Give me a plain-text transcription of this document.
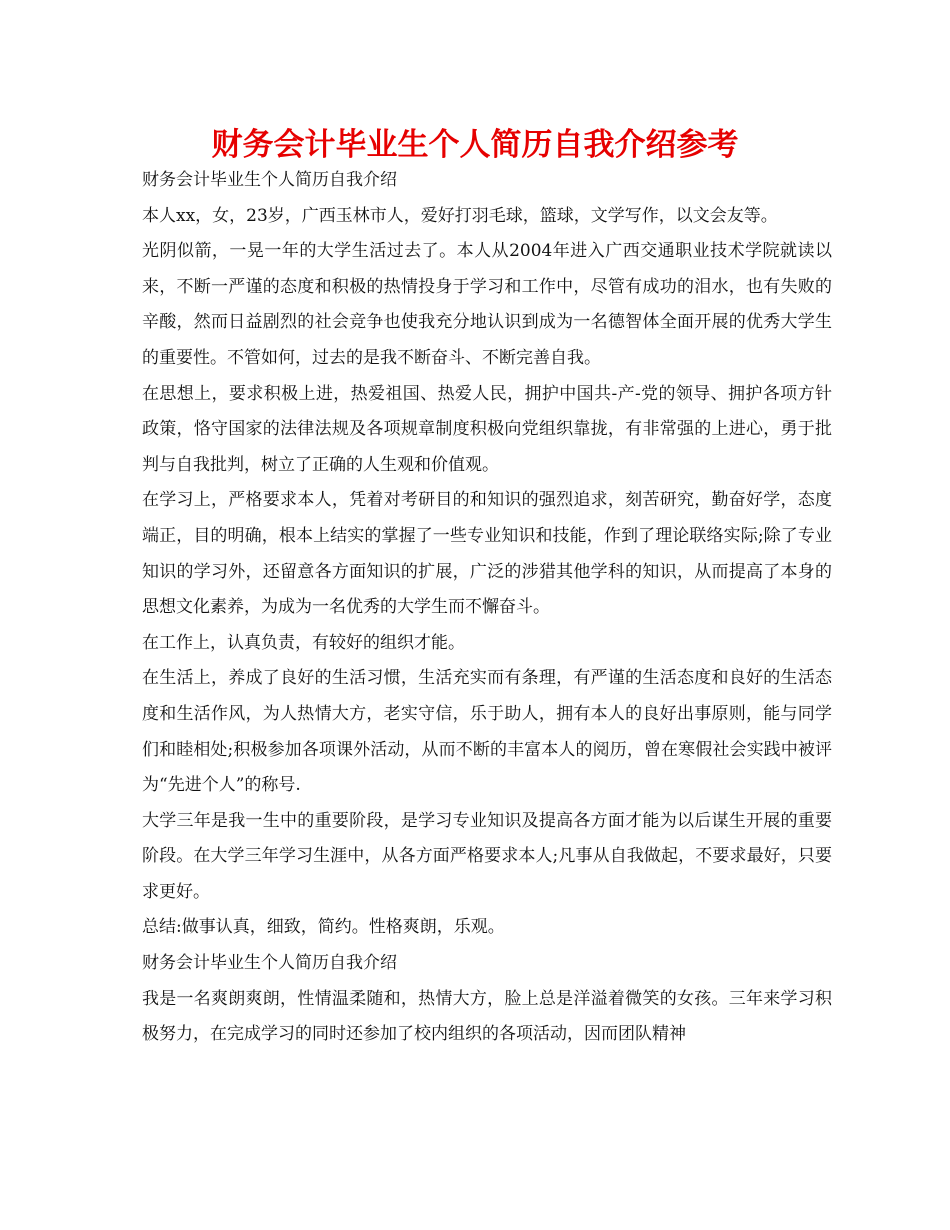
财务会计毕业生个人简历自我介绍参考

财务会计毕业生个人简历自我介绍

本人xx，女，23岁，广西玉林市人，爱好打羽毛球，篮球，文学写作，以文会友等。

光阴似箭，一晃一年的大学生活过去了。本人从2004年进入广西交通职业技术学院就读以来，不断一严谨的态度和积极的热情投身于学习和工作中，尽管有成功的泪水，也有失败的辛酸，然而日益剧烈的社会竞争也使我充分地认识到成为一名德智体全面开展的优秀大学生的重要性。不管如何，过去的是我不断奋斗、不断完善自我。

在思想上，要求积极上进，热爱祖国、热爱人民，拥护中国共-产-党的领导、拥护各项方针政策，恪守国家的法律法规及各项规章制度积极向党组织靠拢，有非常强的上进心，勇于批判与自我批判，树立了正确的人生观和价值观。

在学习上，严格要求本人，凭着对考研目的和知识的强烈追求，刻苦研究，勤奋好学，态度端正，目的明确，根本上结实的掌握了一些专业知识和技能，作到了理论联络实际;除了专业知识的学习外，还留意各方面知识的扩展，广泛的涉猎其他学科的知识，从而提高了本身的思想文化素养，为成为一名优秀的大学生而不懈奋斗。

在工作上，认真负责，有较好的组织才能。

在生活上，养成了良好的生活习惯，生活充实而有条理，有严谨的生活态度和良好的生活态度和生活作风，为人热情大方，老实守信，乐于助人，拥有本人的良好出事原则，能与同学们和睦相处;积极参加各项课外活动，从而不断的丰富本人的阅历，曾在寒假社会实践中被评为“先进个人”的称号.

大学三年是我一生中的重要阶段，是学习专业知识及提高各方面才能为以后谋生开展的重要阶段。在大学三年学习生涯中，从各方面严格要求本人;凡事从自我做起，不要求最好，只要求更好。

总结:做事认真，细致，简约。性格爽朗，乐观。

财务会计毕业生个人简历自我介绍

我是一名爽朗爽朗，性情温柔随和，热情大方，脸上总是洋溢着微笑的女孩。三年来学习积极努力，在完成学习的同时还参加了校内组织的各项活动，因而团队精神
